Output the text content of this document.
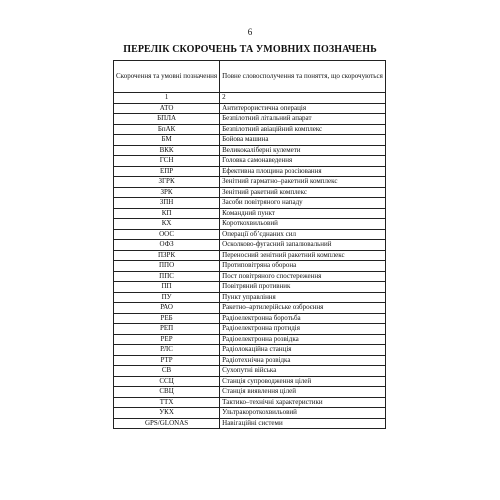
6
ПЕРЕЛІК СКОРОЧЕНЬ ТА УМОВНИХ ПОЗНАЧЕНЬ
Скорочення та умовні позначення	Повне словосполучення та поняття, що скорочуються
1	2
АТО	Антитерористична операція
БПЛА	Безпілотний літальний апарат
БпАК	Безпілотний авіаційний комплекс
БМ	Бойова машина
ВКК	Великокаліберні кулемети
ГСН	Головка самонаведення
ЕПР	Ефективна площина розсіювання
ЗГРК	Зенітний гарматно–ракетний комплекс
ЗРК	Зенітний ракетний комплекс
ЗПН	Засоби повітряного нападу
КП	Командний пункт
КХ	Короткохвильовий
ООС	Операції об’єднаних сил
ОФЗ	Осколково-фугасний запалювальний
ПЗРК	Переносний зенітний ракетний комплекс
ППО	Протиповітряна оборона
ППС	Пост повітряного спостереження
ПП	Повітряний противник
ПУ	Пункт управління
РАО	Ракетно–артилерійське озброєння
РЕБ	Радіоелектронна боротьба
РЕП	Радіоелектронна протидія
РЕР	Радіоелектронна розвідка
РЛС	Радіолокаційна станція
РТР	Радіотехнічна розвідка
СВ	Сухопутні війська
ССЦ	Станція супроводження цілей
СВЦ	Станція виявлення цілей
ТТХ	Тактико–технічні характеристики
УКХ	Ультракороткохвильовий
GPS/GLONAS	Навігаційні системи
